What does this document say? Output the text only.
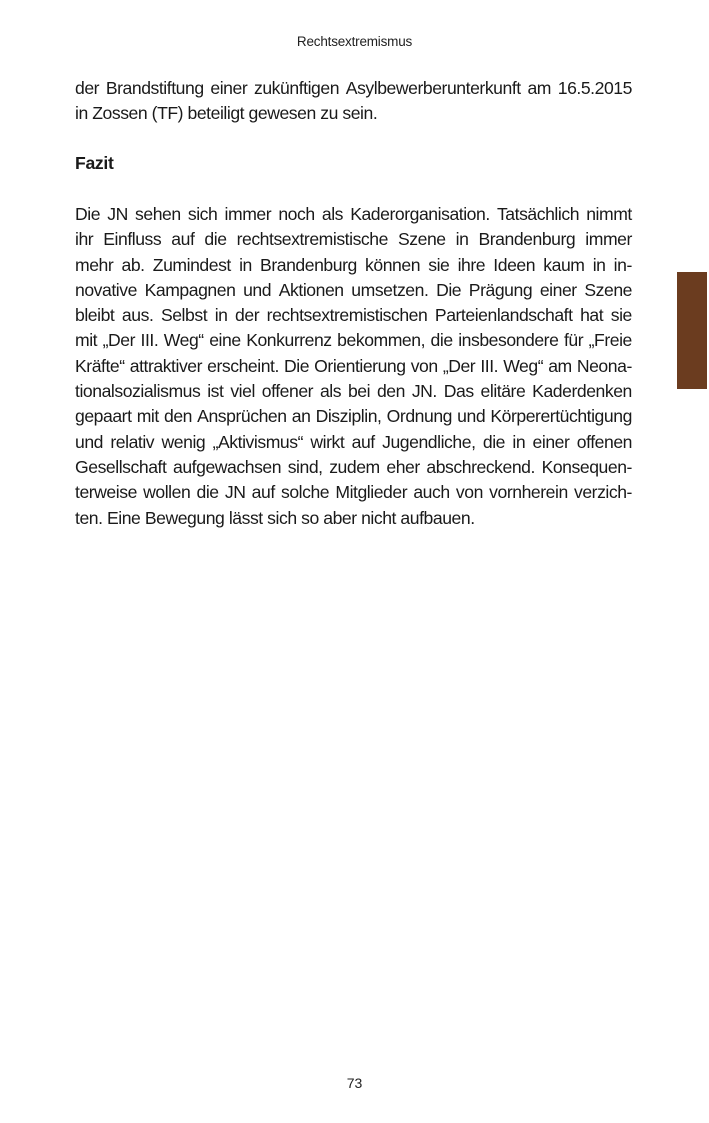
Rechtsextremismus

der Brandstiftung einer zukünftigen Asylbewerberunterkunft am 16.5.2015
in Zossen (TF) beteiligt gewesen zu sein.

Fazit

Die JN sehen sich immer noch als Kaderorganisation. Tatsächlich nimmt
ihr Einfluss auf die rechtsextremistische Szene in Brandenburg immer
mehr ab. Zumindest in Brandenburg können sie ihre Ideen kaum in in-
novative Kampagnen und Aktionen umsetzen. Die Prägung einer Szene
bleibt aus. Selbst in der rechtsextremistischen Parteienlandschaft hat sie
mit „Der III. Weg“ eine Konkurrenz bekommen, die insbesondere für „Freie
Kräfte“ attraktiver erscheint. Die Orientierung von „Der III. Weg“ am Neona-
tionalsozialismus ist viel offener als bei den JN. Das elitäre Kaderdenken
gepaart mit den Ansprüchen an Disziplin, Ordnung und Körperertüchtigung
und relativ wenig „Aktivismus“ wirkt auf Jugendliche, die in einer offenen
Gesellschaft aufgewachsen sind, zudem eher abschreckend. Konsequen-
terweise wollen die JN auf solche Mitglieder auch von vornherein verzich-
ten. Eine Bewegung lässt sich so aber nicht aufbauen.

73
